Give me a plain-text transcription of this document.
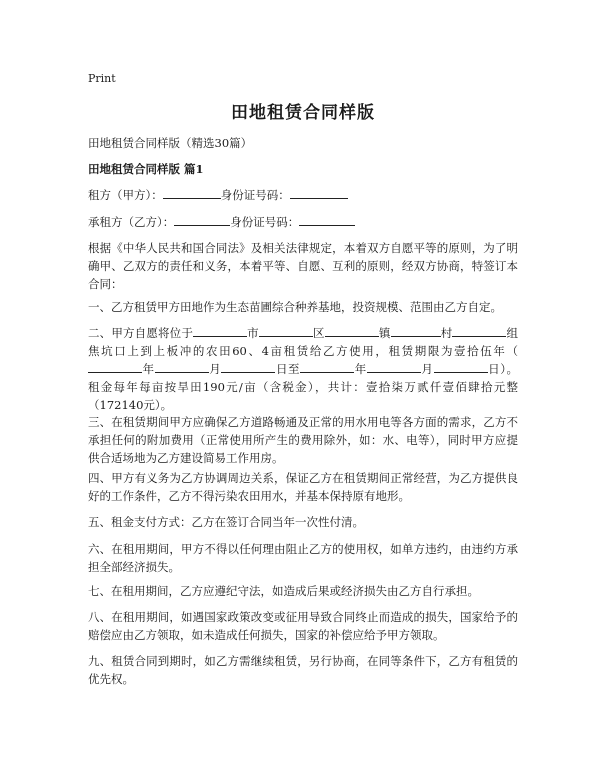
Print
田地租赁合同样版
田地租赁合同样版（精选30篇）
田地租赁合同样版 篇1
租方（甲方）：	身份证号码：
承租方（乙方）：	身份证号码：
根据《中华人民共和国合同法》及相关法律规定，本着双方自愿平等的原则，为了明确甲、乙双方的责任和义务，本着平等、自愿、互利的原则，经双方协商，特签订本合同：
一、乙方租赁甲方田地作为生态苗圃综合种养基地，投资规模、范围由乙方自定。
二、甲方自愿将位于	市	区	镇	村	组焦坑口上到上板冲的农田60、4亩租赁给乙方使用，租赁期限为壹拾伍年（年	月	日至	年	月	日）。租金每年每亩按旱田190元/亩（含税金），共计：壹拾柒万贰仟壹佰肆拾元整（172140元）。
三、在租赁期间甲方应确保乙方道路畅通及正常的用水用电等各方面的需求，乙方不承担任何的附加费用（正常使用所产生的费用除外，如：水、电等），同时甲方应提供合适场地为乙方建设简易工作用房。
四、甲方有义务为乙方协调周边关系，保证乙方在租赁期间正常经营，为乙方提供良好的工作条件，乙方不得污染农田用水，并基本保持原有地形。
五、租金支付方式：乙方在签订合同当年一次性付清。
六、在租用期间，甲方不得以任何理由阻止乙方的使用权，如单方违约，由违约方承担全部经济损失。
七、在租用期间，乙方应遵纪守法，如造成后果或经济损失由乙方自行承担。
八、在租用期间，如遇国家政策改变或征用导致合同终止而造成的损失，国家给予的赔偿应由乙方领取，如未造成任何损失，国家的补偿应给予甲方领取。
九、租赁合同到期时，如乙方需继续租赁，另行协商，在同等条件下，乙方有租赁的优先权。
